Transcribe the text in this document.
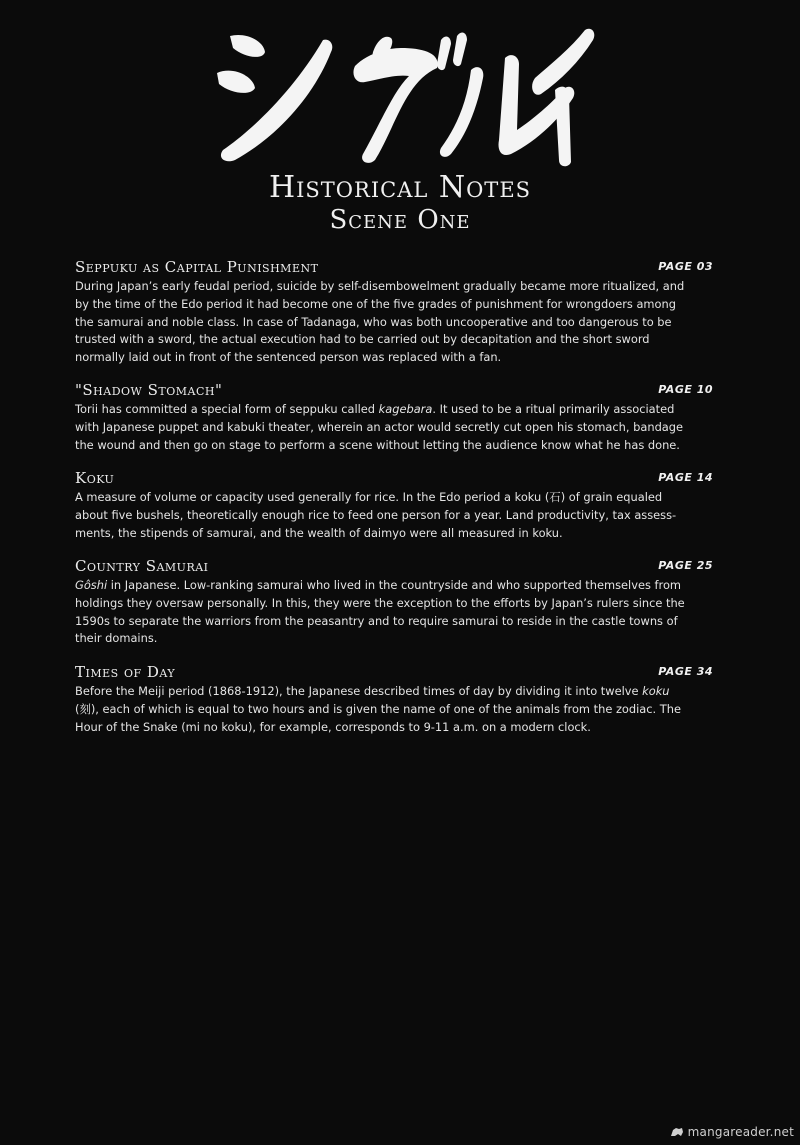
Historical Notes
Scene One
Seppuku as Capital Punishment	PAGE 03
During Japan’s early feudal period, suicide by self-disembowelment gradually became more ritualized, and
by the time of the Edo period it had become one of the five grades of punishment for wrongdoers among
the samurai and noble class. In case of Tadanaga, who was both uncooperative and too dangerous to be
trusted with a sword, the actual execution had to be carried out by decapitation and the short sword
normally laid out in front of the sentenced person was replaced with a fan.
"Shadow Stomach"	PAGE 10
Torii has committed a special form of seppuku called kagebara. It used to be a ritual primarily associated
with Japanese puppet and kabuki theater, wherein an actor would secretly cut open his stomach, bandage
the wound and then go on stage to perform a scene without letting the audience know what he has done.
Koku	PAGE 14
A measure of volume or capacity used generally for rice. In the Edo period a koku (石) of grain equaled
about five bushels, theoretically enough rice to feed one person for a year. Land productivity, tax assess-
ments, the stipends of samurai, and the wealth of daimyo were all measured in koku.
Country Samurai	PAGE 25
Gôshi in Japanese. Low-ranking samurai who lived in the countryside and who supported themselves from
holdings they oversaw personally. In this, they were the exception to the efforts by Japan’s rulers since the
1590s to separate the warriors from the peasantry and to require samurai to reside in the castle towns of
their domains.
Times of Day	PAGE 34
Before the Meiji period (1868-1912), the Japanese described times of day by dividing it into twelve koku
(刻), each of which is equal to two hours and is given the name of one of the animals from the zodiac. The
Hour of the Snake (mi no koku), for example, corresponds to 9-11 a.m. on a modern clock.
mangareader.net
